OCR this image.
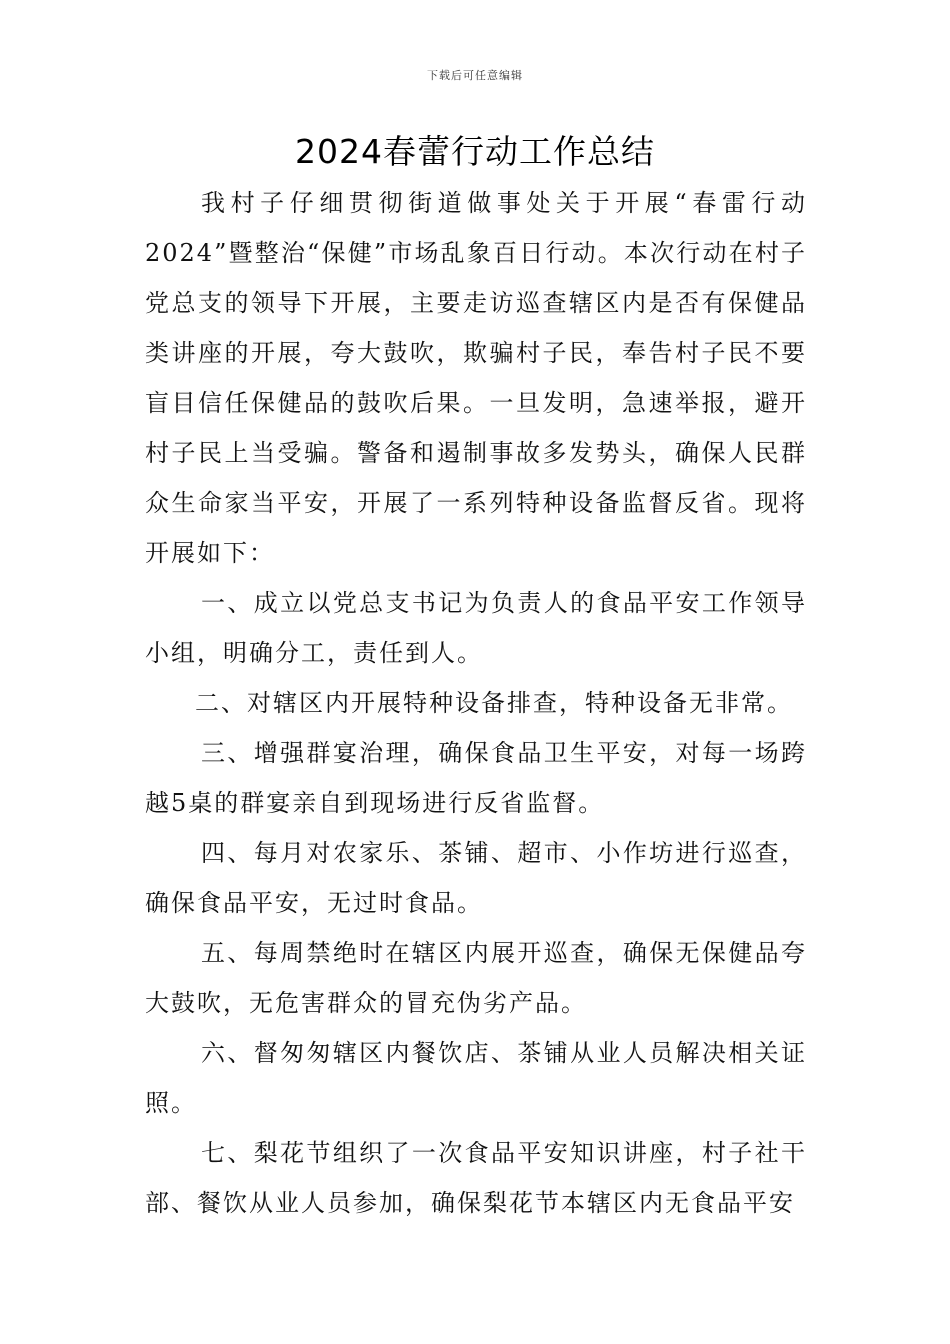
下载后可任意编辑
2024春蕾行动工作总结

我村子仔细贯彻街道做事处关于开展“春雷行动2024”暨整治“保健”市场乱象百日行动。本次行动在村子党总支的领导下开展，主要走访巡查辖区内是否有保健品类讲座的开展，夸大鼓吹，欺骗村子民，奉告村子民不要盲目信任保健品的鼓吹后果。一旦发明，急速举报，避开村子民上当受骗。警备和遏制事故多发势头，确保人民群众生命家当平安，开展了一系列特种设备监督反省。现将开展如下：

一、成立以党总支书记为负责人的食品平安工作领导小组，明确分工，责任到人。

二、对辖区内开展特种设备排查，特种设备无非常。

三、增强群宴治理，确保食品卫生平安，对每一场跨越5桌的群宴亲自到现场进行反省监督。

四、每月对农家乐、茶铺、超市、小作坊进行巡查，确保食品平安，无过时食品。

五、每周禁绝时在辖区内展开巡查，确保无保健品夸大鼓吹，无危害群众的冒充伪劣产品。

六、督匆匆辖区内餐饮店、茶铺从业人员解决相关证照。

七、梨花节组织了一次食品平安知识讲座，村子社干部、餐饮从业人员参加，确保梨花节本辖区内无食品平安
